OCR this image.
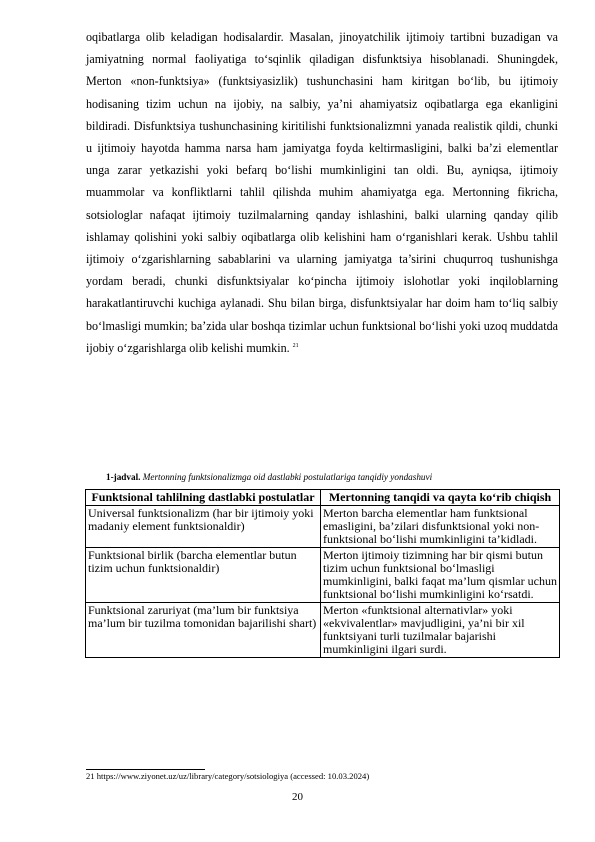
oqibatlarga olib keladigan hodisalardir. Masalan, jinoyatchilik ijtimoiy tartibni buzadigan va jamiyatning normal faoliyatiga to‘sqinlik qiladigan disfunktsiya hisoblanadi. Shuningdek, Merton «non-funktsiya» (funktsiyasizlik) tushunchasini ham kiritgan bo‘lib, bu ijtimoiy hodisaning tizim uchun na ijobiy, na salbiy, ya’ni ahamiyatsiz oqibatlarga ega ekanligini bildiradi. Disfunktsiya tushunchasining kiritilishi funktsionalizmni yanada realistik qildi, chunki u ijtimoiy hayotda hamma narsa ham jamiyatga foyda keltirmasligini, balki ba’zi elementlar unga zarar yetkazishi yoki befarq bo‘lishi mumkinligini tan oldi. Bu, ayniqsa, ijtimoiy muammolar va konfliktlarni tahlil qilishda muhim ahamiyatga ega. Mertonning fikricha, sotsiologlar nafaqat ijtimoiy tuzilmalarning qanday ishlashini, balki ularning qanday qilib ishlamay qolishini yoki salbiy oqibatlarga olib kelishini ham o‘rganishlari kerak. Ushbu tahlil ijtimoiy o‘zgarishlarning sabablarini va ularning jamiyatga ta’sirini chuqurroq tushunishga yordam beradi, chunki disfunktsiyalar ko‘pincha ijtimoiy islohotlar yoki inqiloblarning harakatlantiruvchi kuchiga aylanadi. Shu bilan birga, disfunktsiyalar har doim ham to‘liq salbiy bo‘lmasligi mumkin; ba’zida ular boshqa tizimlar uchun funktsional bo‘lishi yoki uzoq muddatda ijobiy o‘zgarishlarga olib kelishi mumkin. $^{21}$

1-jadval. Mertonning funktsionalizmga oid dastlabki postulatlariga tanqidiy yondashuvi
Funktsional tahlilning dastlabki postulatlar	Mertonning tanqidi va qayta ko‘rib chiqish
Universal funktsionalizm (har bir ijtimoiy yoki madaniy element funktsionaldir)	Merton barcha elementlar ham funktsional emasligini, ba’zilari disfunktsional yoki non-funktsional bo‘lishi mumkinligini ta’kidladi.
Funktsional birlik (barcha elementlar butun tizim uchun funktsionaldir)	Merton ijtimoiy tizimning har bir qismi butun tizim uchun funktsional bo‘lmasligi mumkinligini, balki faqat ma’lum qismlar uchun funktsional bo‘lishi mumkinligini ko‘rsatdi.
Funktsional zaruriyat (ma’lum bir funktsiya ma’lum bir tuzilma tomonidan bajarilishi shart)	Merton «funktsional alternativlar» yoki «ekvivalentlar» mavjudligini, ya’ni bir xil funktsiyani turli tuzilmalar bajarishi mumkinligini ilgari surdi.
21 https://www.ziyonet.uz/uz/library/category/sotsiologiya (accessed: 10.03.2024)
20
